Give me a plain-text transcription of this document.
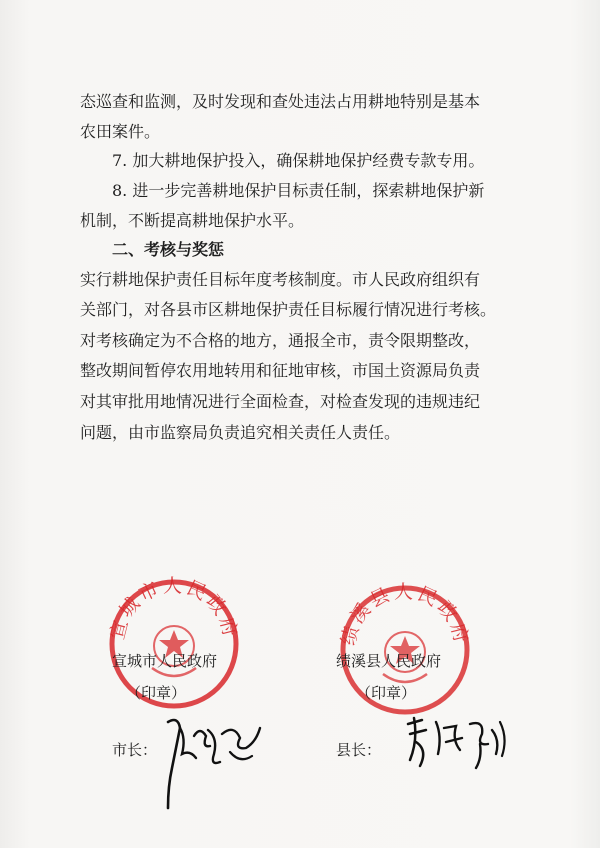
态巡查和监测，及时发现和查处违法占用耕地特别是基本
农田案件。
　　7. 加大耕地保护投入，确保耕地保护经费专款专用。
　　8. 进一步完善耕地保护目标责任制，探索耕地保护新
机制，不断提高耕地保护水平。
　　二、考核与奖惩
实行耕地保护责任目标年度考核制度。市人民政府组织有
关部门，对各县市区耕地保护责任目标履行情况进行考核。
对考核确定为不合格的地方，通报全市，责令限期整改，
整改期间暂停农用地转用和征地审核，市国土资源局负责
对其审批用地情况进行全面检查，对检查发现的违规违纪
问题，由市监察局负责追究相关责任人责任。
宣城市人民政府	绩溪县人民政府
宣城市人民政府
（印章）
市长：
绩溪县人民政府
（印章）
县长：
